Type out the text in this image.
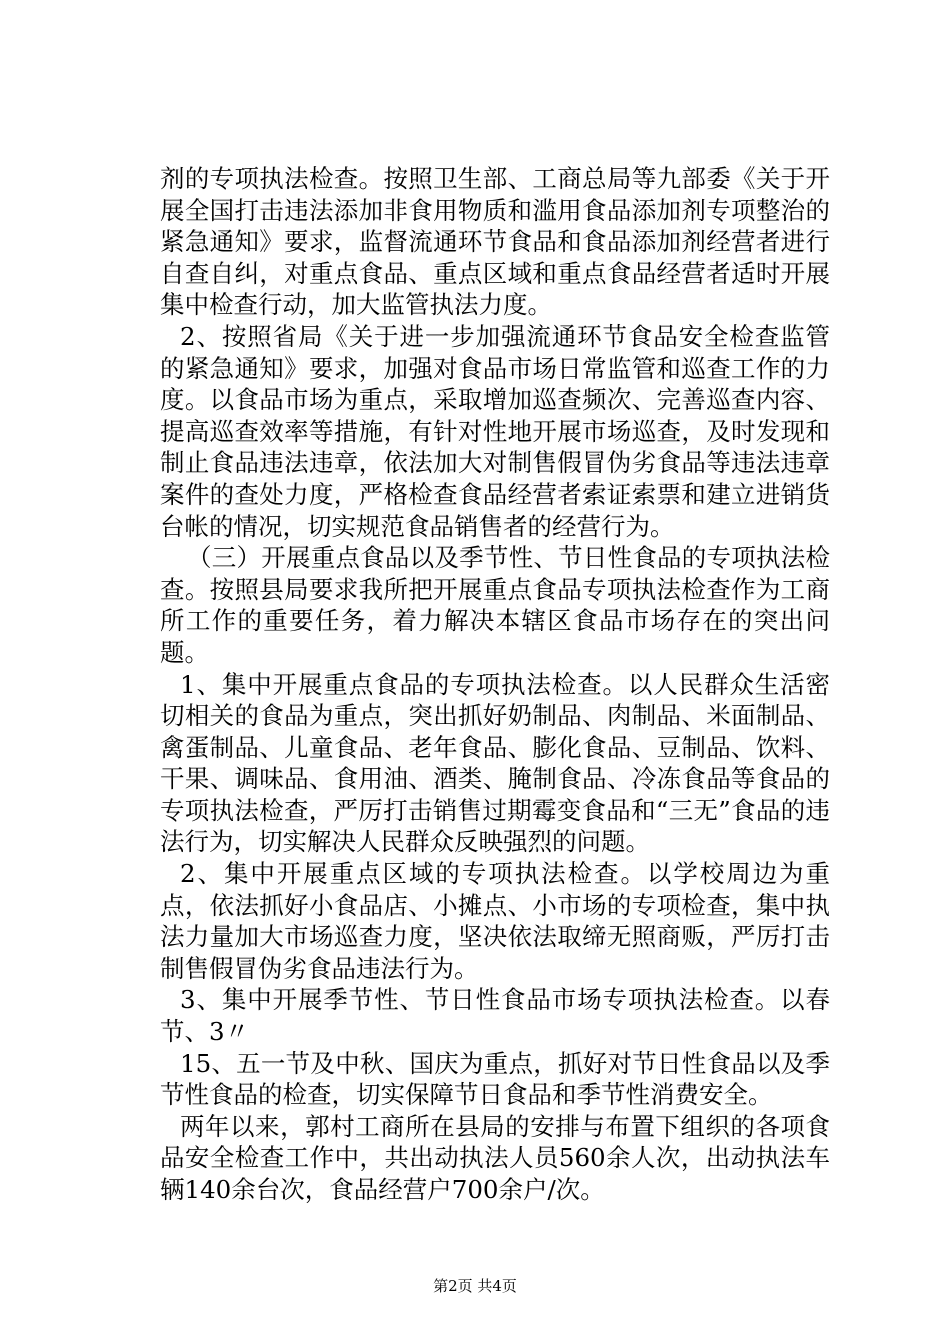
剂的专项执法检查。按照卫生部、工商总局等九部委《关于开展全国打击违法添加非食用物质和滥用食品添加剂专项整治的紧急通知》要求，监督流通环节食品和食品添加剂经营者进行自查自纠，对重点食品、重点区域和重点食品经营者适时开展集中检查行动，加大监管执法力度。

2、按照省局《关于进一步加强流通环节食品安全检查监管的紧急通知》要求，加强对食品市场日常监管和巡查工作的力度。以食品市场为重点，采取增加巡查频次、完善巡查内容、提高巡查效率等措施，有针对性地开展市场巡查，及时发现和制止食品违法违章，依法加大对制售假冒伪劣食品等违法违章案件的查处力度，严格检查食品经营者索证索票和建立进销货台帐的情况，切实规范食品销售者的经营行为。

（三）开展重点食品以及季节性、节日性食品的专项执法检查。按照县局要求我所把开展重点食品专项执法检查作为工商所工作的重要任务，着力解决本辖区食品市场存在的突出问题。

1、集中开展重点食品的专项执法检查。以人民群众生活密切相关的食品为重点，突出抓好奶制品、肉制品、米面制品、禽蛋制品、儿童食品、老年食品、膨化食品、豆制品、饮料、干果、调味品、食用油、酒类、腌制食品、冷冻食品等食品的专项执法检查，严厉打击销售过期霉变食品和“三无”食品的违法行为，切实解决人民群众反映强烈的问题。

2、集中开展重点区域的专项执法检查。以学校周边为重点，依法抓好小食品店、小摊点、小市场的专项检查，集中执法力量加大市场巡查力度，坚决依法取缔无照商贩，严厉打击制售假冒伪劣食品违法行为。

3、集中开展季节性、节日性食品市场专项执法检查。以春节、3〃

15、五一节及中秋、国庆为重点，抓好对节日性食品以及季节性食品的检查，切实保障节日食品和季节性消费安全。

两年以来，郭村工商所在县局的安排与布置下组织的各项食品安全检查工作中，共出动执法人员560余人次，出动执法车辆140余台次，食品经营户700余户/次。

第2页 共4页
